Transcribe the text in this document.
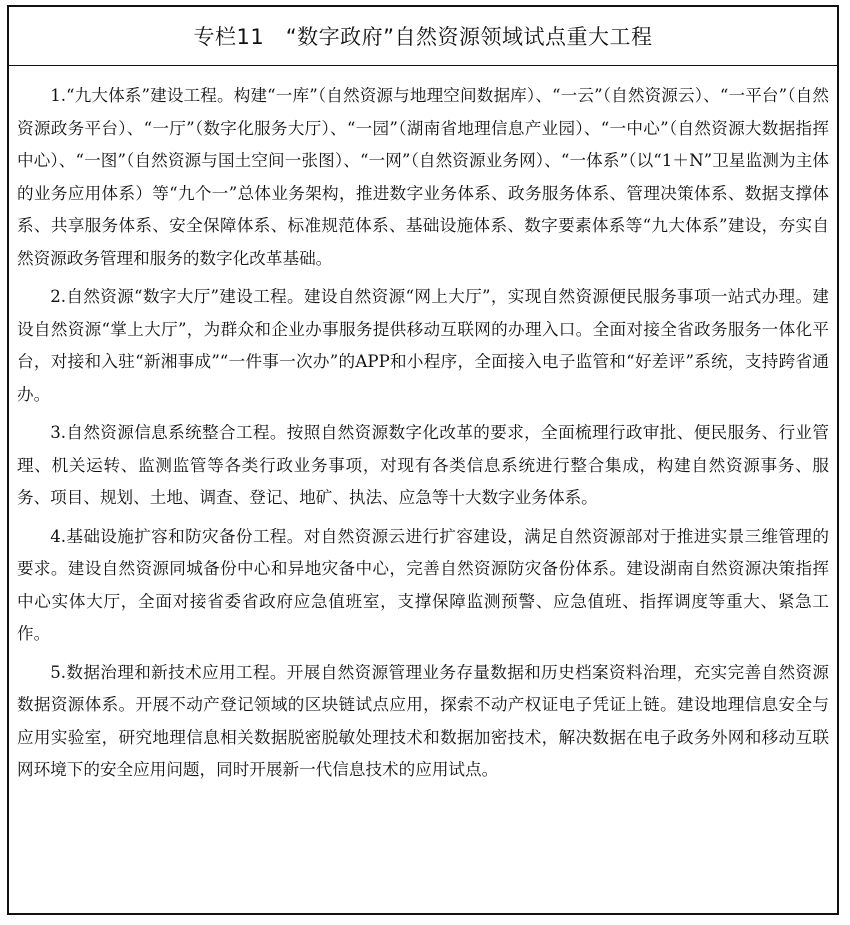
专栏11　“数字政府”自然资源领域试点重大工程

1.“九大体系”建设工程。构建“一库”（自然资源与地理空间数据库）、“一云”（自然资源云）、“一平台”（自然资源政务平台）、“一厅”（数字化服务大厅）、“一园”（湖南省地理信息产业园）、“一中心”（自然资源大数据指挥中心）、“一图”（自然资源与国土空间一张图）、“一网”（自然资源业务网）、“一体系”（以“1＋N”卫星监测为主体的业务应用体系）等“九个一”总体业务架构，推进数字业务体系、政务服务体系、管理决策体系、数据支撑体系、共享服务体系、安全保障体系、标准规范体系、基础设施体系、数字要素体系等“九大体系”建设，夯实自然资源政务管理和服务的数字化改革基础。

2.自然资源“数字大厅”建设工程。建设自然资源“网上大厅”，实现自然资源便民服务事项一站式办理。建设自然资源“掌上大厅”，为群众和企业办事服务提供移动互联网的办理入口。全面对接全省政务服务一体化平台，对接和入驻“新湘事成”“一件事一次办”的APP和小程序，全面接入电子监管和“好差评”系统，支持跨省通办。

3.自然资源信息系统整合工程。按照自然资源数字化改革的要求，全面梳理行政审批、便民服务、行业管理、机关运转、监测监管等各类行政业务事项，对现有各类信息系统进行整合集成，构建自然资源事务、服务、项目、规划、土地、调查、登记、地矿、执法、应急等十大数字业务体系。

4.基础设施扩容和防灾备份工程。对自然资源云进行扩容建设，满足自然资源部对于推进实景三维管理的要求。建设自然资源同城备份中心和异地灾备中心，完善自然资源防灾备份体系。建设湖南自然资源决策指挥中心实体大厅，全面对接省委省政府应急值班室，支撑保障监测预警、应急值班、指挥调度等重大、紧急工作。

5.数据治理和新技术应用工程。开展自然资源管理业务存量数据和历史档案资料治理，充实完善自然资源数据资源体系。开展不动产登记领域的区块链试点应用，探索不动产权证电子凭证上链。建设地理信息安全与应用实验室，研究地理信息相关数据脱密脱敏处理技术和数据加密技术，解决数据在电子政务外网和移动互联网环境下的安全应用问题，同时开展新一代信息技术的应用试点。
